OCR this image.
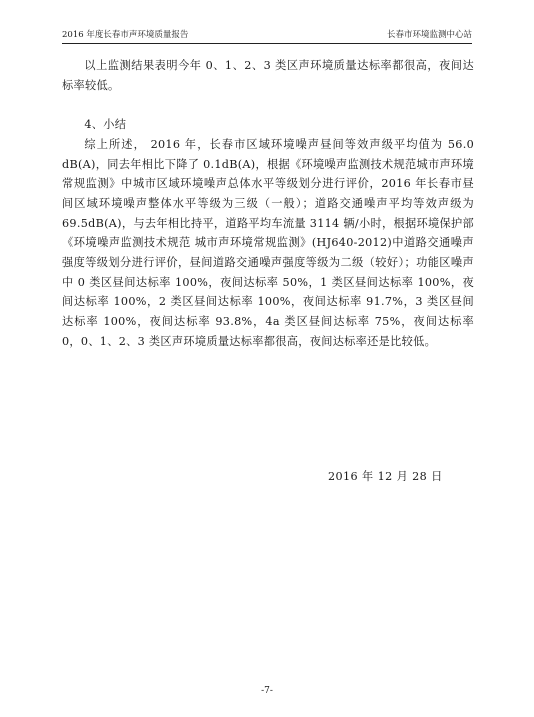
2016 年度长春市声环境质量报告	长春市环境监测中心站

以上监测结果表明今年 0、1、2、3 类区声环境质量达标率都很高，夜间达标率较低。

4、小结

综上所述， 2016 年，长春市区域环境噪声昼间等效声级平均值为 56.0 dB(A)，同去年相比下降了 0.1dB(A)，根据《环境噪声监测技术规范城市声环境常规监测》中城市区域环境噪声总体水平等级划分进行评价，2016 年长春市昼间区域环境噪声整体水平等级为三级（一般）；道路交通噪声平均等效声级为 69.5dB(A)，与去年相比持平，道路平均车流量 3114 辆/小时，根据环境保护部《环境噪声监测技术规范 城市声环境常规监测》(HJ640-2012)中道路交通噪声强度等级划分进行评价，昼间道路交通噪声强度等级为二级（较好）；功能区噪声中 0 类区昼间达标率 100%，夜间达标率 50%，1 类区昼间达标率 100%，夜间达标率 100%，2 类区昼间达标率 100%，夜间达标率 91.7%，3 类区昼间达标率 100%，夜间达标率 93.8%，4a 类区昼间达标率 75%，夜间达标率 0，0、1、2、3 类区声环境质量达标率都很高，夜间达标率还是比较低。

2016 年 12 月 28 日
-7-
